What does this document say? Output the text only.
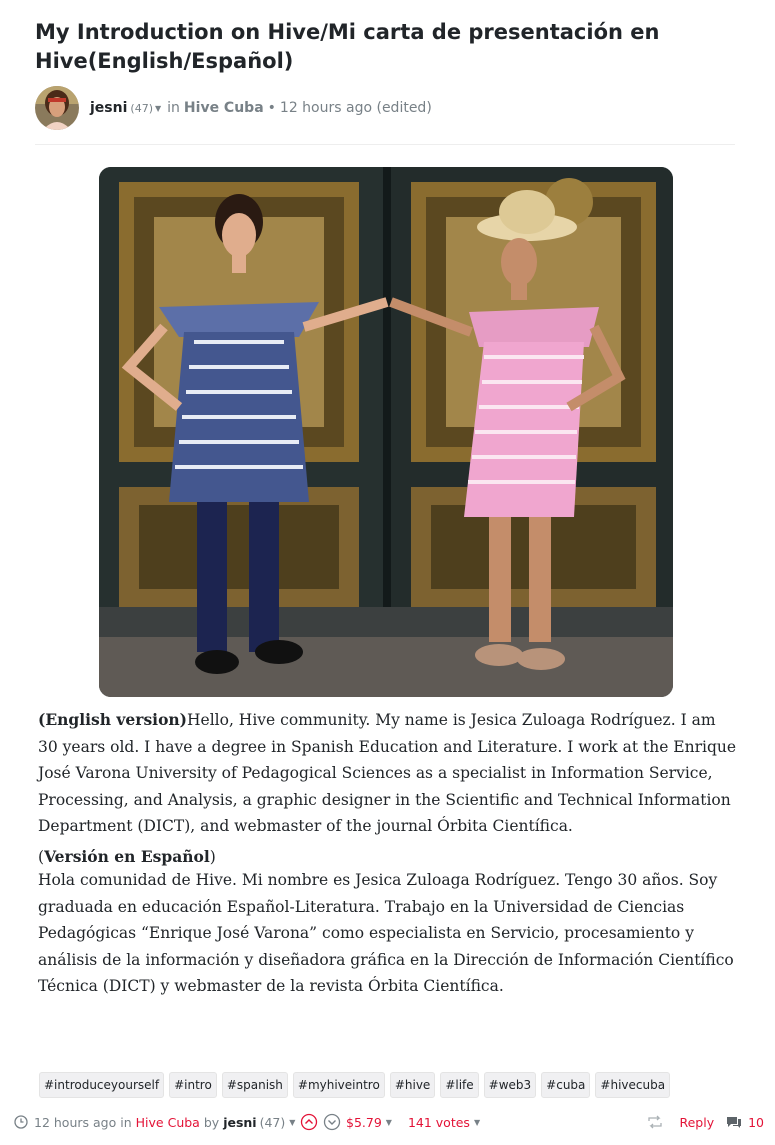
My Introduction on Hive/Mi carta de presentación en Hive(English/Español)
jesni (47) ▼ in Hive Cuba • 12 hours ago (edited)

(English version)Hello, Hive community. My name is Jesica Zuloaga Rodríguez. I am 30 years old. I have a degree in Spanish Education and Literature. I work at the Enrique José Varona University of Pedagogical Sciences as a specialist in Information Service, Processing, and Analysis, a graphic designer in the Scientific and Technical Information Department (DICT), and webmaster of the journal Órbita Científica.

(Versión en Español)

Hola comunidad de Hive. Mi nombre es Jesica Zuloaga Rodríguez. Tengo 30 años. Soy graduada en educación Español-Literatura. Trabajo en la Universidad de Ciencias Pedagógicas “Enrique José Varona” como especialista en Servicio, procesamiento y análisis de la información y diseñadora gráfica en la Dirección de Información Científico Técnica (DICT) y webmaster de la revista Órbita Científica.

#introduceyourself	#intro	#spanish	#myhiveintro	#hive	#life	#web3	#cuba	#hivecuba
12 hours ago in Hive Cuba by jesni (47) ▼	$5.79 ▼ 141 votes ▼	Reply	10
